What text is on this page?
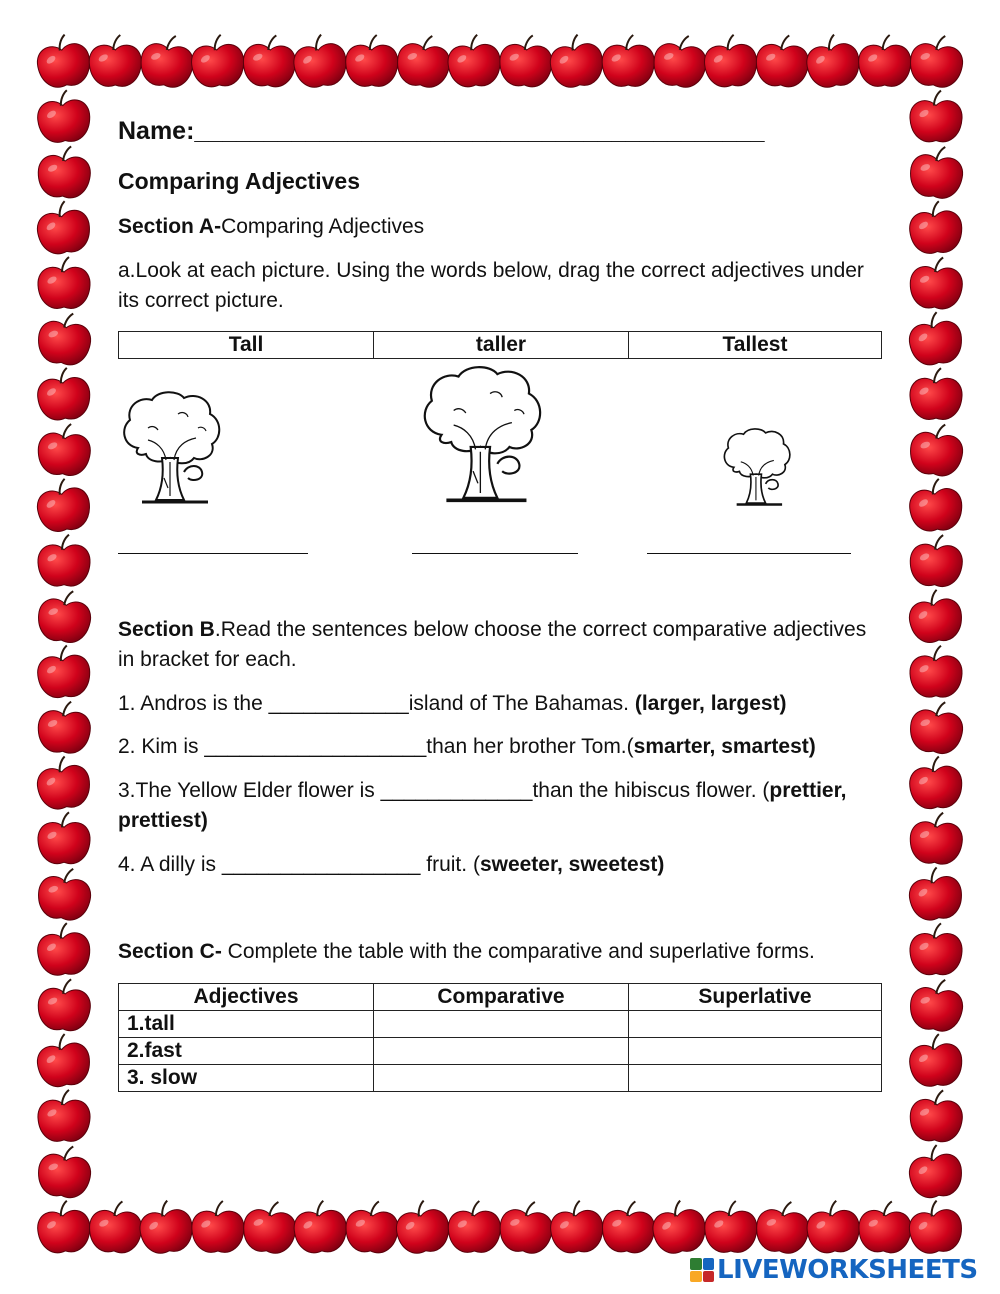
Name:_________________________________________
Comparing Adjectives
Section A-Comparing Adjectives
a.Look at each picture. Using the words below, drag the correct adjectives under its correct picture.
Tall	taller	Tallest
Section B.Read the sentences below choose the correct comparative adjectives in bracket for each.
1. Andros is the ____________island of The Bahamas. (larger, largest)
2. Kim is ___________________than her brother Tom.(smarter, smartest)
3.The Yellow Elder flower is _____________than the hibiscus flower. (prettier, prettiest)
4. A dilly is _________________ fruit. (sweeter, sweetest)
Section C- Complete the table with the comparative and superlative forms.
Adjectives	Comparative	Superlative
1.tall		
2.fast		
3. slow		
LIVEWORKSHEETS
